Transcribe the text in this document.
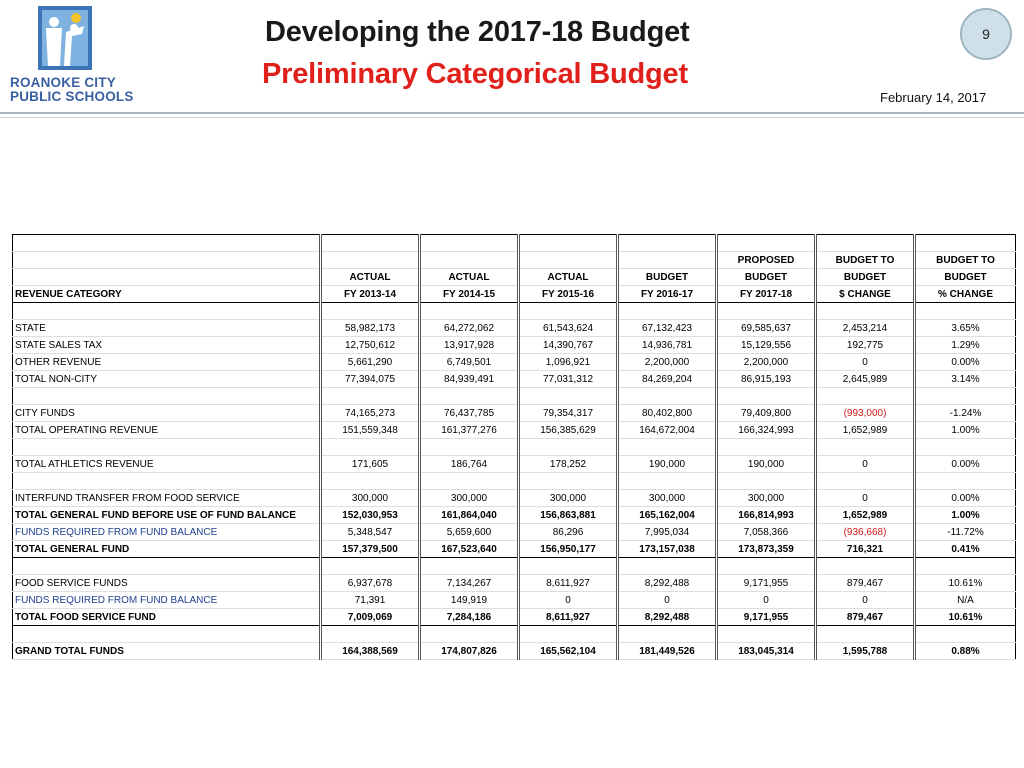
ROANOKE CITY
PUBLIC SCHOOLS
Developing the 2017-18 Budget
Preliminary Categorical Budget
9
February 14, 2017

					PROPOSED	BUDGET TO	BUDGET TO
	ACTUAL	ACTUAL	ACTUAL	BUDGET	BUDGET	BUDGET	BUDGET
REVENUE CATEGORY	FY 2013-14	FY 2014-15	FY 2015-16	FY 2016-17	FY 2017-18	$ CHANGE	% CHANGE

STATE	58,982,173	64,272,062	61,543,624	67,132,423	69,585,637	2,453,214	3.65%
STATE SALES TAX	12,750,612	13,917,928	14,390,767	14,936,781	15,129,556	192,775	1.29%
OTHER REVENUE	5,661,290	6,749,501	1,096,921	2,200,000	2,200,000	0	0.00%
TOTAL NON-CITY	77,394,075	84,939,491	77,031,312	84,269,204	86,915,193	2,645,989	3.14%

CITY FUNDS	74,165,273	76,437,785	79,354,317	80,402,800	79,409,800	(993,000)	-1.24%
TOTAL OPERATING REVENUE	151,559,348	161,377,276	156,385,629	164,672,004	166,324,993	1,652,989	1.00%

TOTAL ATHLETICS REVENUE	171,605	186,764	178,252	190,000	190,000	0	0.00%

INTERFUND TRANSFER FROM FOOD SERVICE	300,000	300,000	300,000	300,000	300,000	0	0.00%
TOTAL GENERAL FUND BEFORE USE OF FUND BALANCE	152,030,953	161,864,040	156,863,881	165,162,004	166,814,993	1,652,989	1.00%
FUNDS REQUIRED FROM FUND BALANCE	5,348,547	5,659,600	86,296	7,995,034	7,058,366	(936,668)	-11.72%
TOTAL GENERAL FUND	157,379,500	167,523,640	156,950,177	173,157,038	173,873,359	716,321	0.41%

FOOD SERVICE FUNDS	6,937,678	7,134,267	8,611,927	8,292,488	9,171,955	879,467	10.61%
FUNDS REQUIRED FROM FUND BALANCE	71,391	149,919	0	0	0	0	N/A
TOTAL FOOD SERVICE FUND	7,009,069	7,284,186	8,611,927	8,292,488	9,171,955	879,467	10.61%

GRAND TOTAL FUNDS	164,388,569	174,807,826	165,562,104	181,449,526	183,045,314	1,595,788	0.88%
